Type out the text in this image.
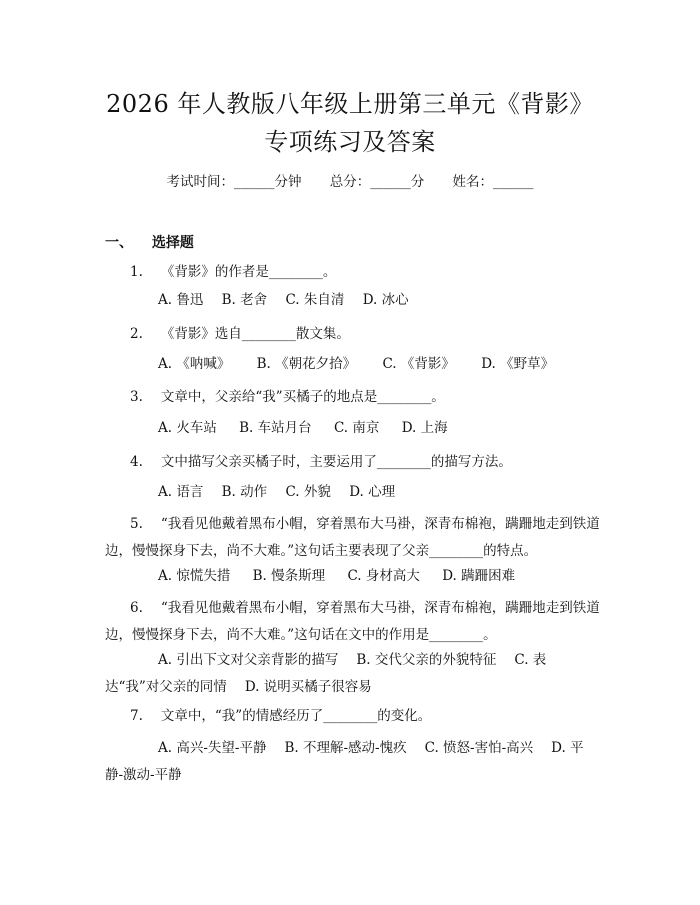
2026 年人教版八年级上册第三单元《背影》
专项练习及答案
考试时间：______分钟 总分：______分 姓名：______
一、 选择题
1. 《背影》的作者是________。
A. 鲁迅 B. 老舍 C. 朱自清 D. 冰心
2. 《背影》选自________散文集。
A. 《呐喊》 B. 《朝花夕拾》 C. 《背影》 D. 《野草》
3. 文章中，父亲给“我”买橘子的地点是________。
A. 火车站 B. 车站月台 C. 南京 D. 上海
4. 文中描写父亲买橘子时，主要运用了________的描写方法。
A. 语言 B. 动作 C. 外貌 D. 心理
5. “我看见他戴着黑布小帽，穿着黑布大马褂，深青布棉袍，蹒跚地走到铁道边，慢慢探身下去，尚不大难。”这句话主要表现了父亲________的特点。
A. 惊慌失措 B. 慢条斯理 C. 身材高大 D. 蹒跚困难
6. “我看见他戴着黑布小帽，穿着黑布大马褂，深青布棉袍，蹒跚地走到铁道边，慢慢探身下去，尚不大难。”这句话在文中的作用是________。
A. 引出下文对父亲背影的描写 B. 交代父亲的外貌特征 C. 表达“我”对父亲的同情 D. 说明买橘子很容易
7. 文章中，“我”的情感经历了________的变化。
A. 高兴-失望-平静 B. 不理解-感动-愧疚 C. 愤怒-害怕-高兴 D. 平静-激动-平静
